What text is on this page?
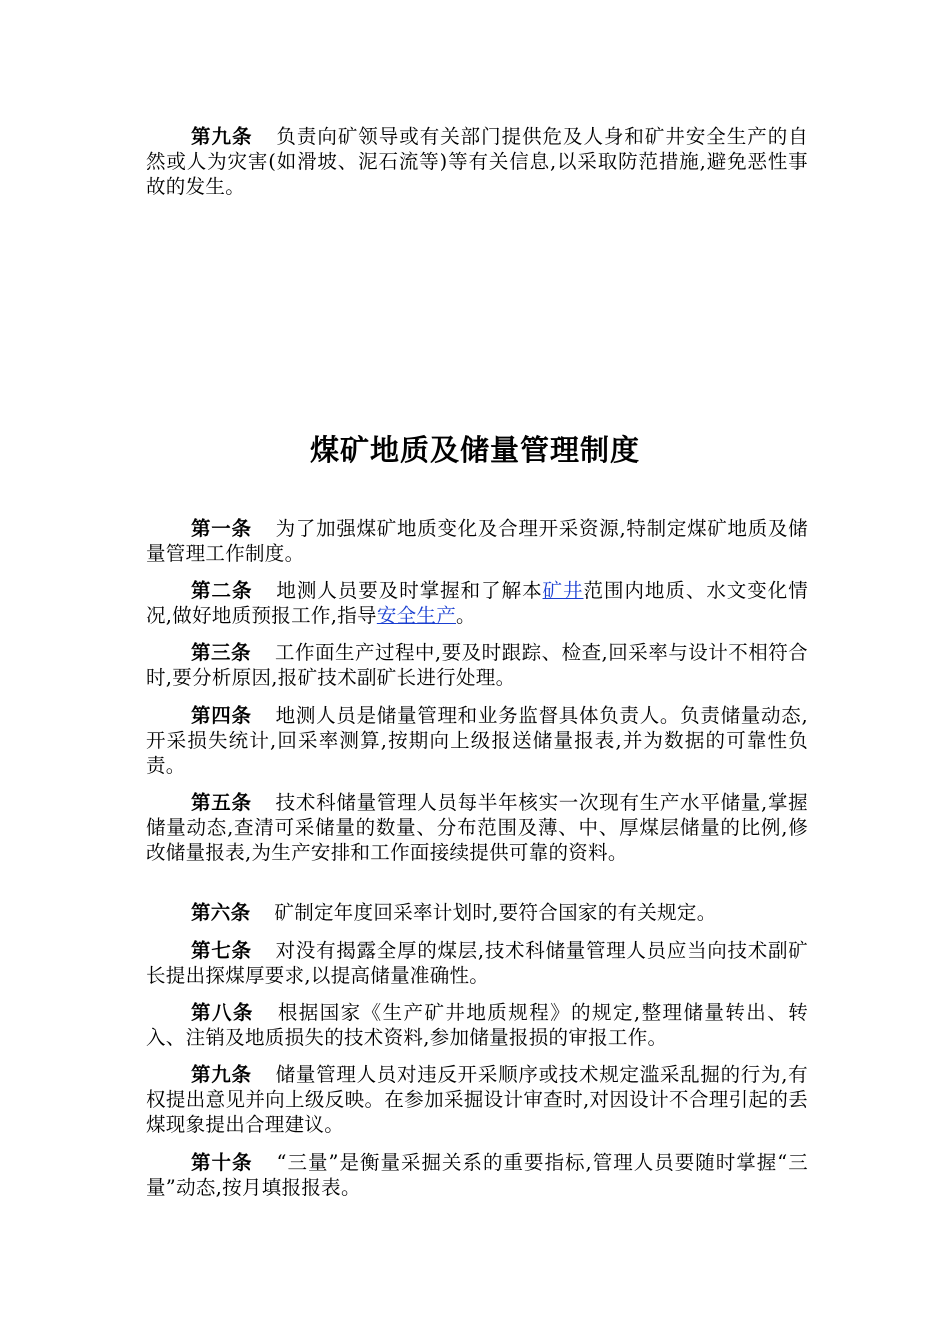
第九条 负责向矿领导或有关部门提供危及人身和矿井安全生产的自然或人为灾害(如滑坡、泥石流等)等有关信息,以采取防范措施,避免恶性事故的发生。

煤矿地质及储量管理制度

第一条 为了加强煤矿地质变化及合理开采资源,特制定煤矿地质及储量管理工作制度。

第二条 地测人员要及时掌握和了解本矿井范围内地质、水文变化情况,做好地质预报工作,指导安全生产。

第三条 工作面生产过程中,要及时跟踪、检查,回采率与设计不相符合时,要分析原因,报矿技术副矿长进行处理。

第四条 地测人员是储量管理和业务监督具体负责人。负责储量动态,开采损失统计,回采率测算,按期向上级报送储量报表,并为数据的可靠性负责。

第五条 技术科储量管理人员每半年核实一次现有生产水平储量,掌握储量动态,查清可采储量的数量、分布范围及薄、中、厚煤层储量的比例,修改储量报表,为生产安排和工作面接续提供可靠的资料。

第六条 矿制定年度回采率计划时,要符合国家的有关规定。

第七条 对没有揭露全厚的煤层,技术科储量管理人员应当向技术副矿长提出探煤厚要求,以提高储量准确性。

第八条 根据国家《生产矿井地质规程》的规定,整理储量转出、转入、注销及地质损失的技术资料,参加储量报损的审报工作。

第九条 储量管理人员对违反开采顺序或技术规定滥采乱掘的行为,有权提出意见并向上级反映。在参加采掘设计审查时,对因设计不合理引起的丢煤现象提出合理建议。

第十条 “三量”是衡量采掘关系的重要指标,管理人员要随时掌握“三量”动态,按月填报报表。
